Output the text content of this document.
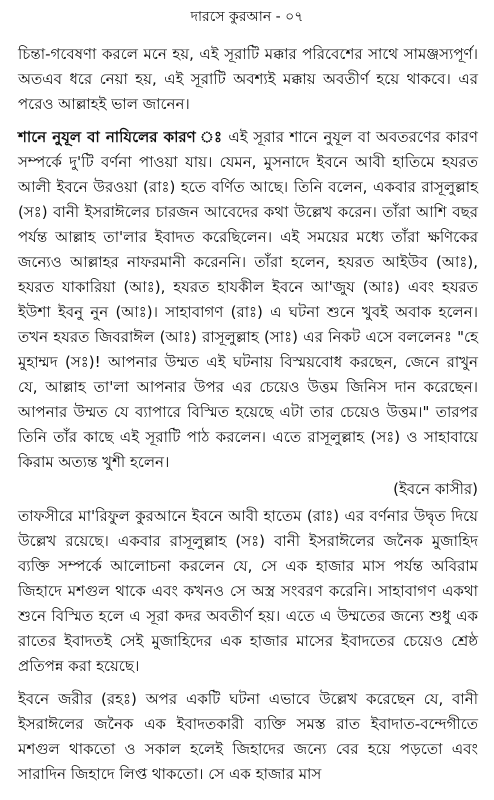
দারসে কুরআন - ০৭

চিন্তা-গবেষণা করলে মনে হয়, এই সূরাটি মক্কার পরিবেশের সাথে সামঞ্জস্যপূর্ণ। অতএব ধরে নেয়া হয়, এই সূরাটি অবশ্যই মক্কায় অবতীর্ণ হয়ে থাকবে। এর পরেও আল্লাহই ভাল জানেন।

শানে নুযূল বা নাযিলের কারণ ঃ এই সূরার শানে নুযূল বা অবতরণের কারণ সম্পর্কে দু'টি বর্ণনা পাওয়া যায়। যেমন, মুসনাদে ইবনে আবী হাতিমে হযরত আলী ইবনে উরওয়া (রাঃ) হতে বর্ণিত আছে। তিনি বলেন, একবার রাসূলুল্লাহ (সঃ) বানী ইসরাঈলের চারজন আবেদের কথা উল্লেখ করেন। তাঁরা আশি বছর পর্যন্ত আল্লাহ তা'লার ইবাদত করেছিলেন। এই সময়ের মধ্যে তাঁরা ক্ষণিকের জন্যেও আল্লাহর নাফরমানী করেননি। তাঁরা হলেন, হযরত আইউব (আঃ), হযরত যাকারিয়া (আঃ), হযরত হাযকীল ইবনে আ'জুয (আঃ) এবং হযরত ইউশা ইবনু নুন (আঃ)। সাহাবাগণ (রাঃ) এ ঘটনা শুনে খুবই অবাক হলেন। তখন হযরত জিবরাঈল (আঃ) রাসূলুল্লাহ (সাঃ) এর নিকট এসে বললেনঃ "হে মুহাম্মদ (সঃ)! আপনার উম্মত এই ঘটনায় বিস্ময়বোধ করছেন, জেনে রাখুন যে, আল্লাহ তা'লা আপনার উপর এর চেয়েও উত্তম জিনিস দান করেছেন। আপনার উম্মত যে ব্যাপারে বিস্মিত হয়েছে এটা তার চেয়েও উত্তম।" তারপর তিনি তাঁর কাছে এই সূরাটি পাঠ করলেন। এতে রাসূলুল্লাহ (সঃ) ও সাহাবায়ে কিরাম অত্যন্ত খুশী হলেন।

(ইবনে কাসীর)

তাফসীরে মা'রিফুল কুরআনে ইবনে আবী হাতেম (রাঃ) এর বর্ণনার উদ্বৃত দিয়ে উল্লেখ রয়েছে। একবার রাসূলুল্লাহ (সঃ) বানী ইসরাঈলের জনৈক মুজাহিদ ব্যক্তি সম্পর্কে আলোচনা করলেন যে, সে এক হাজার মাস পর্যন্ত অবিরাম জিহাদে মশগুল থাকে এবং কখনও সে অস্ত্র সংবরণ করেনি। সাহাবাগণ একথা শুনে বিস্মিত হলে এ সূরা কদর অবতীর্ণ হয়। এতে এ উম্মতের জন্যে শুধু এক রাতের ইবাদতই সেই মুজাহিদের এক হাজার মাসের ইবাদতের চেয়েও শ্রেষ্ঠ প্রতিপন্ন করা হয়েছে।

ইবনে জরীর (রহঃ) অপর একটি ঘটনা এভাবে উল্লেখ করেছেন যে, বানী ইসরাঈলের জনৈক এক ইবাদতকারী ব্যক্তি সমস্ত রাত ইবাদাত-বন্দেগীতে মশগুল থাকতো ও সকাল হলেই জিহাদের জন্যে বের হয়ে পড়তো এবং সারাদিন জিহাদে লিপ্ত থাকতো। সে এক হাজার মাস
